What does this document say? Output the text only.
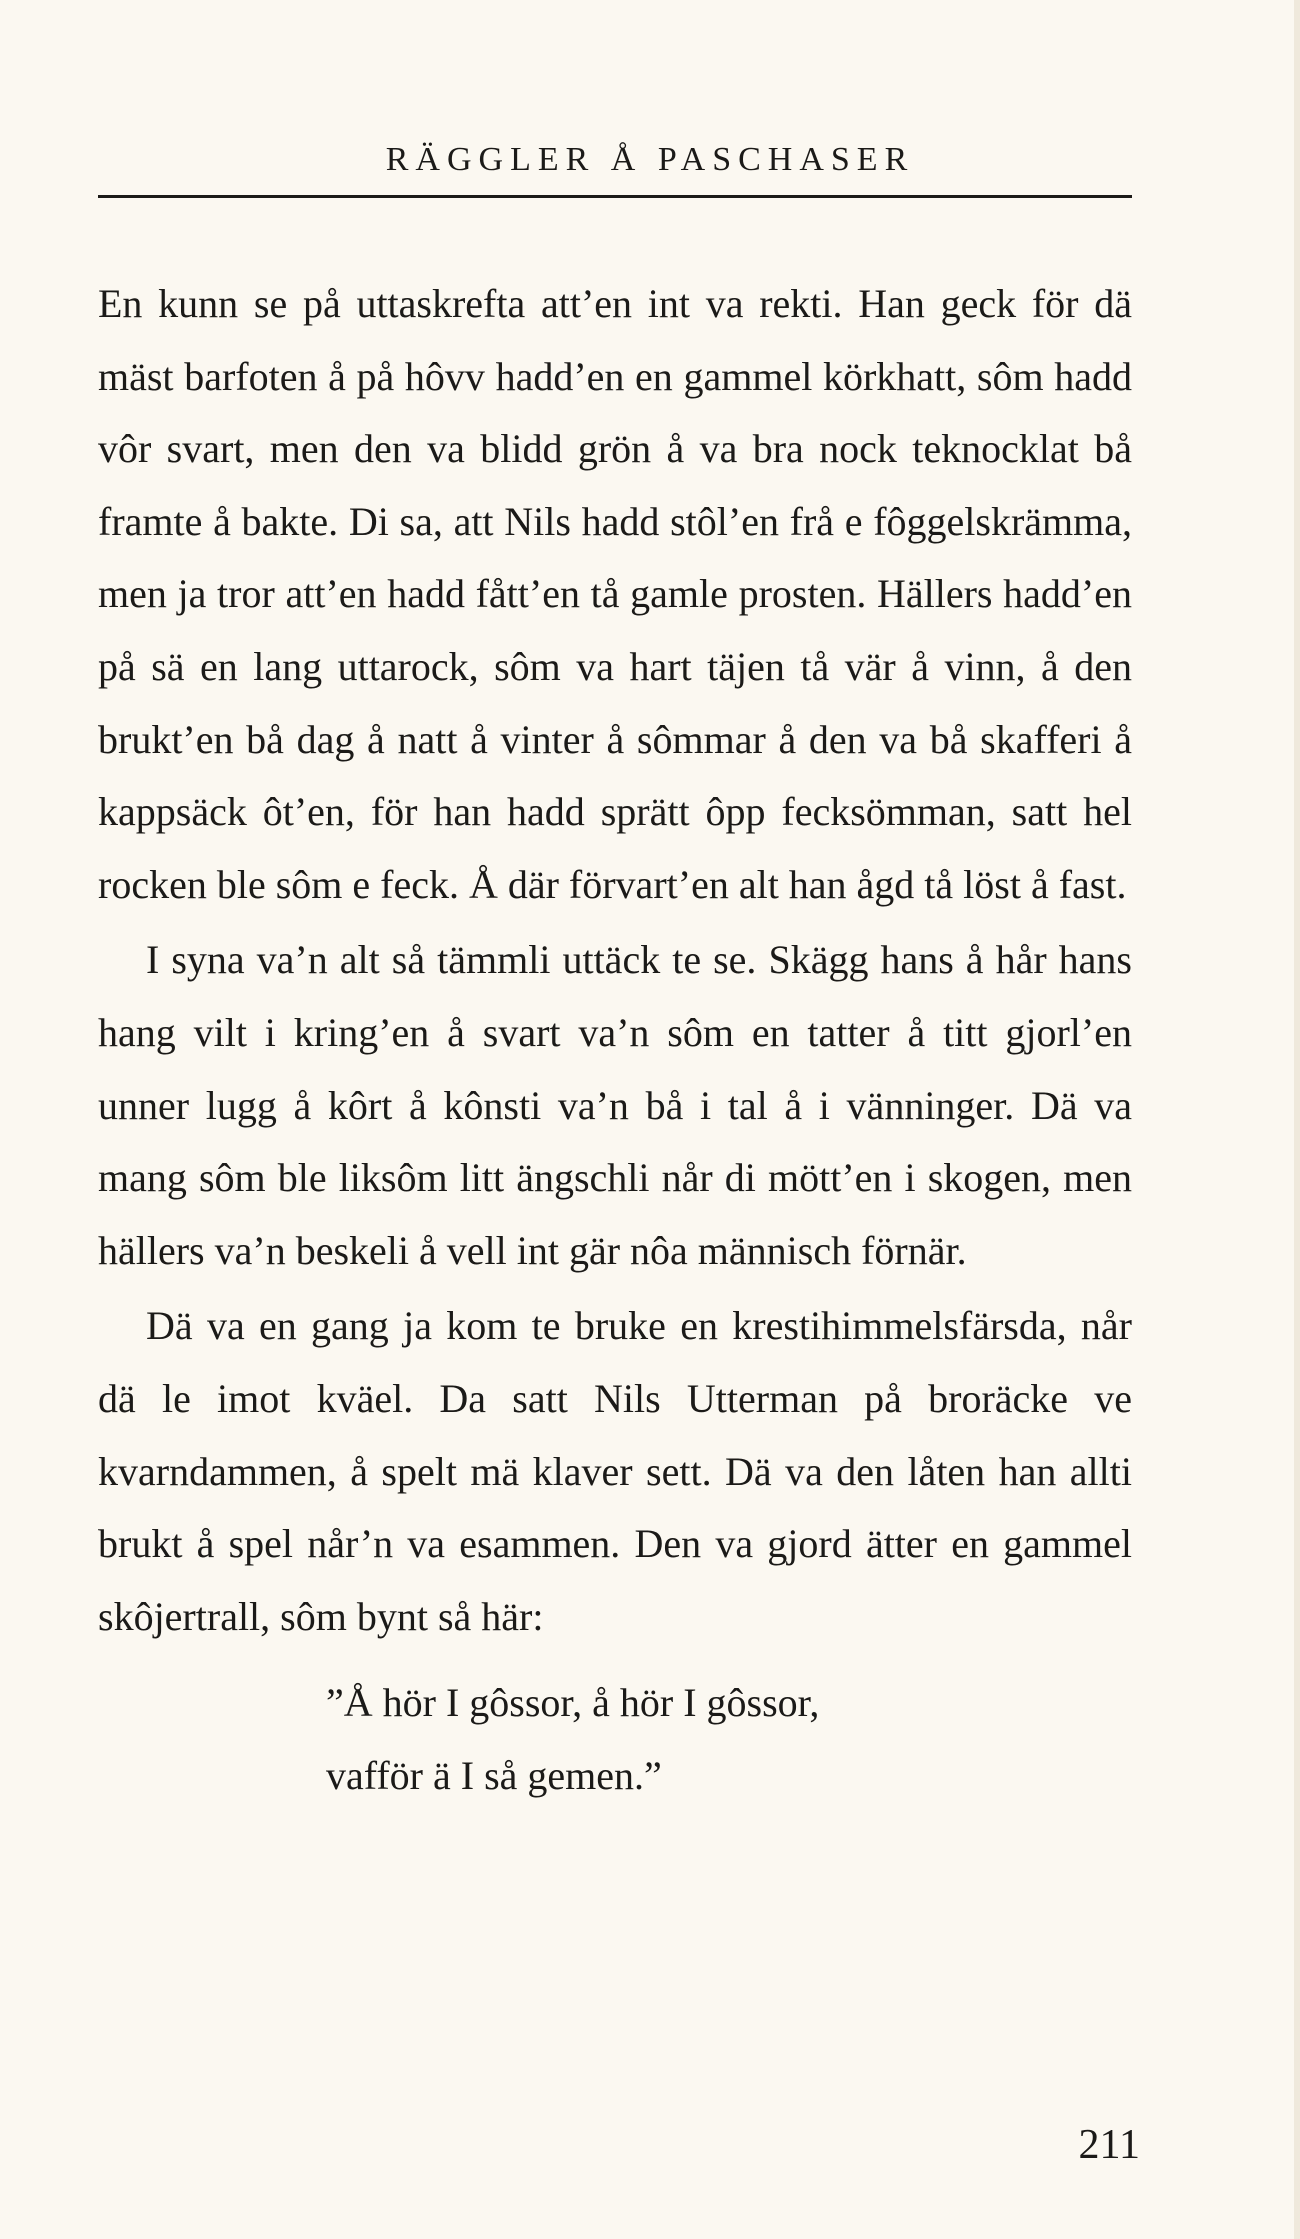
RÄGGLER Å PASCHASER

En kunn se på uttaskrefta att’en int va rekti. Han geck för dä mäst barfoten å på hôvv hadd’en en gammel körkhatt, sôm hadd vôr svart, men den va blidd grön å va bra nock teknocklat bå framte å bakte. Di sa, att Nils hadd stôl’en frå e fôggelskrämma, men ja tror att’en hadd fått’en tå gamle prosten. Hällers hadd’en på sä en lang uttarock, sôm va hart täjen tå vär å vinn, å den brukt’en bå dag å natt å vinter å sômmar å den va bå skafferi å kappsäck ôt’en, för han hadd sprätt ôpp fecksömman, satt hel rocken ble sôm e feck. Å där förvart’en alt han ågd tå löst å fast.

I syna va’n alt så tämmli uttäck te se. Skägg hans å hår hans hang vilt i kring’en å svart va’n sôm en tatter å titt gjorl’en unner lugg å kôrt å kônsti va’n bå i tal å i vänninger. Dä va mang sôm ble liksôm litt ängschli når di mött’en i skogen, men hällers va’n beskeli å vell int gär nôa männisch förnär.

Dä va en gang ja kom te bruke en krestihimmelsfärsda, når dä le imot kväel. Da satt Nils Utterman på broräcke ve kvarndammen, å spelt mä klaver sett. Dä va den låten han allti brukt å spel når’n va esammen. Den va gjord ätter en gammel skôjertrall, sôm bynt så här:

”Å hör I gôssor, å hör I gôssor,
vafför ä I så gemen.”
211
